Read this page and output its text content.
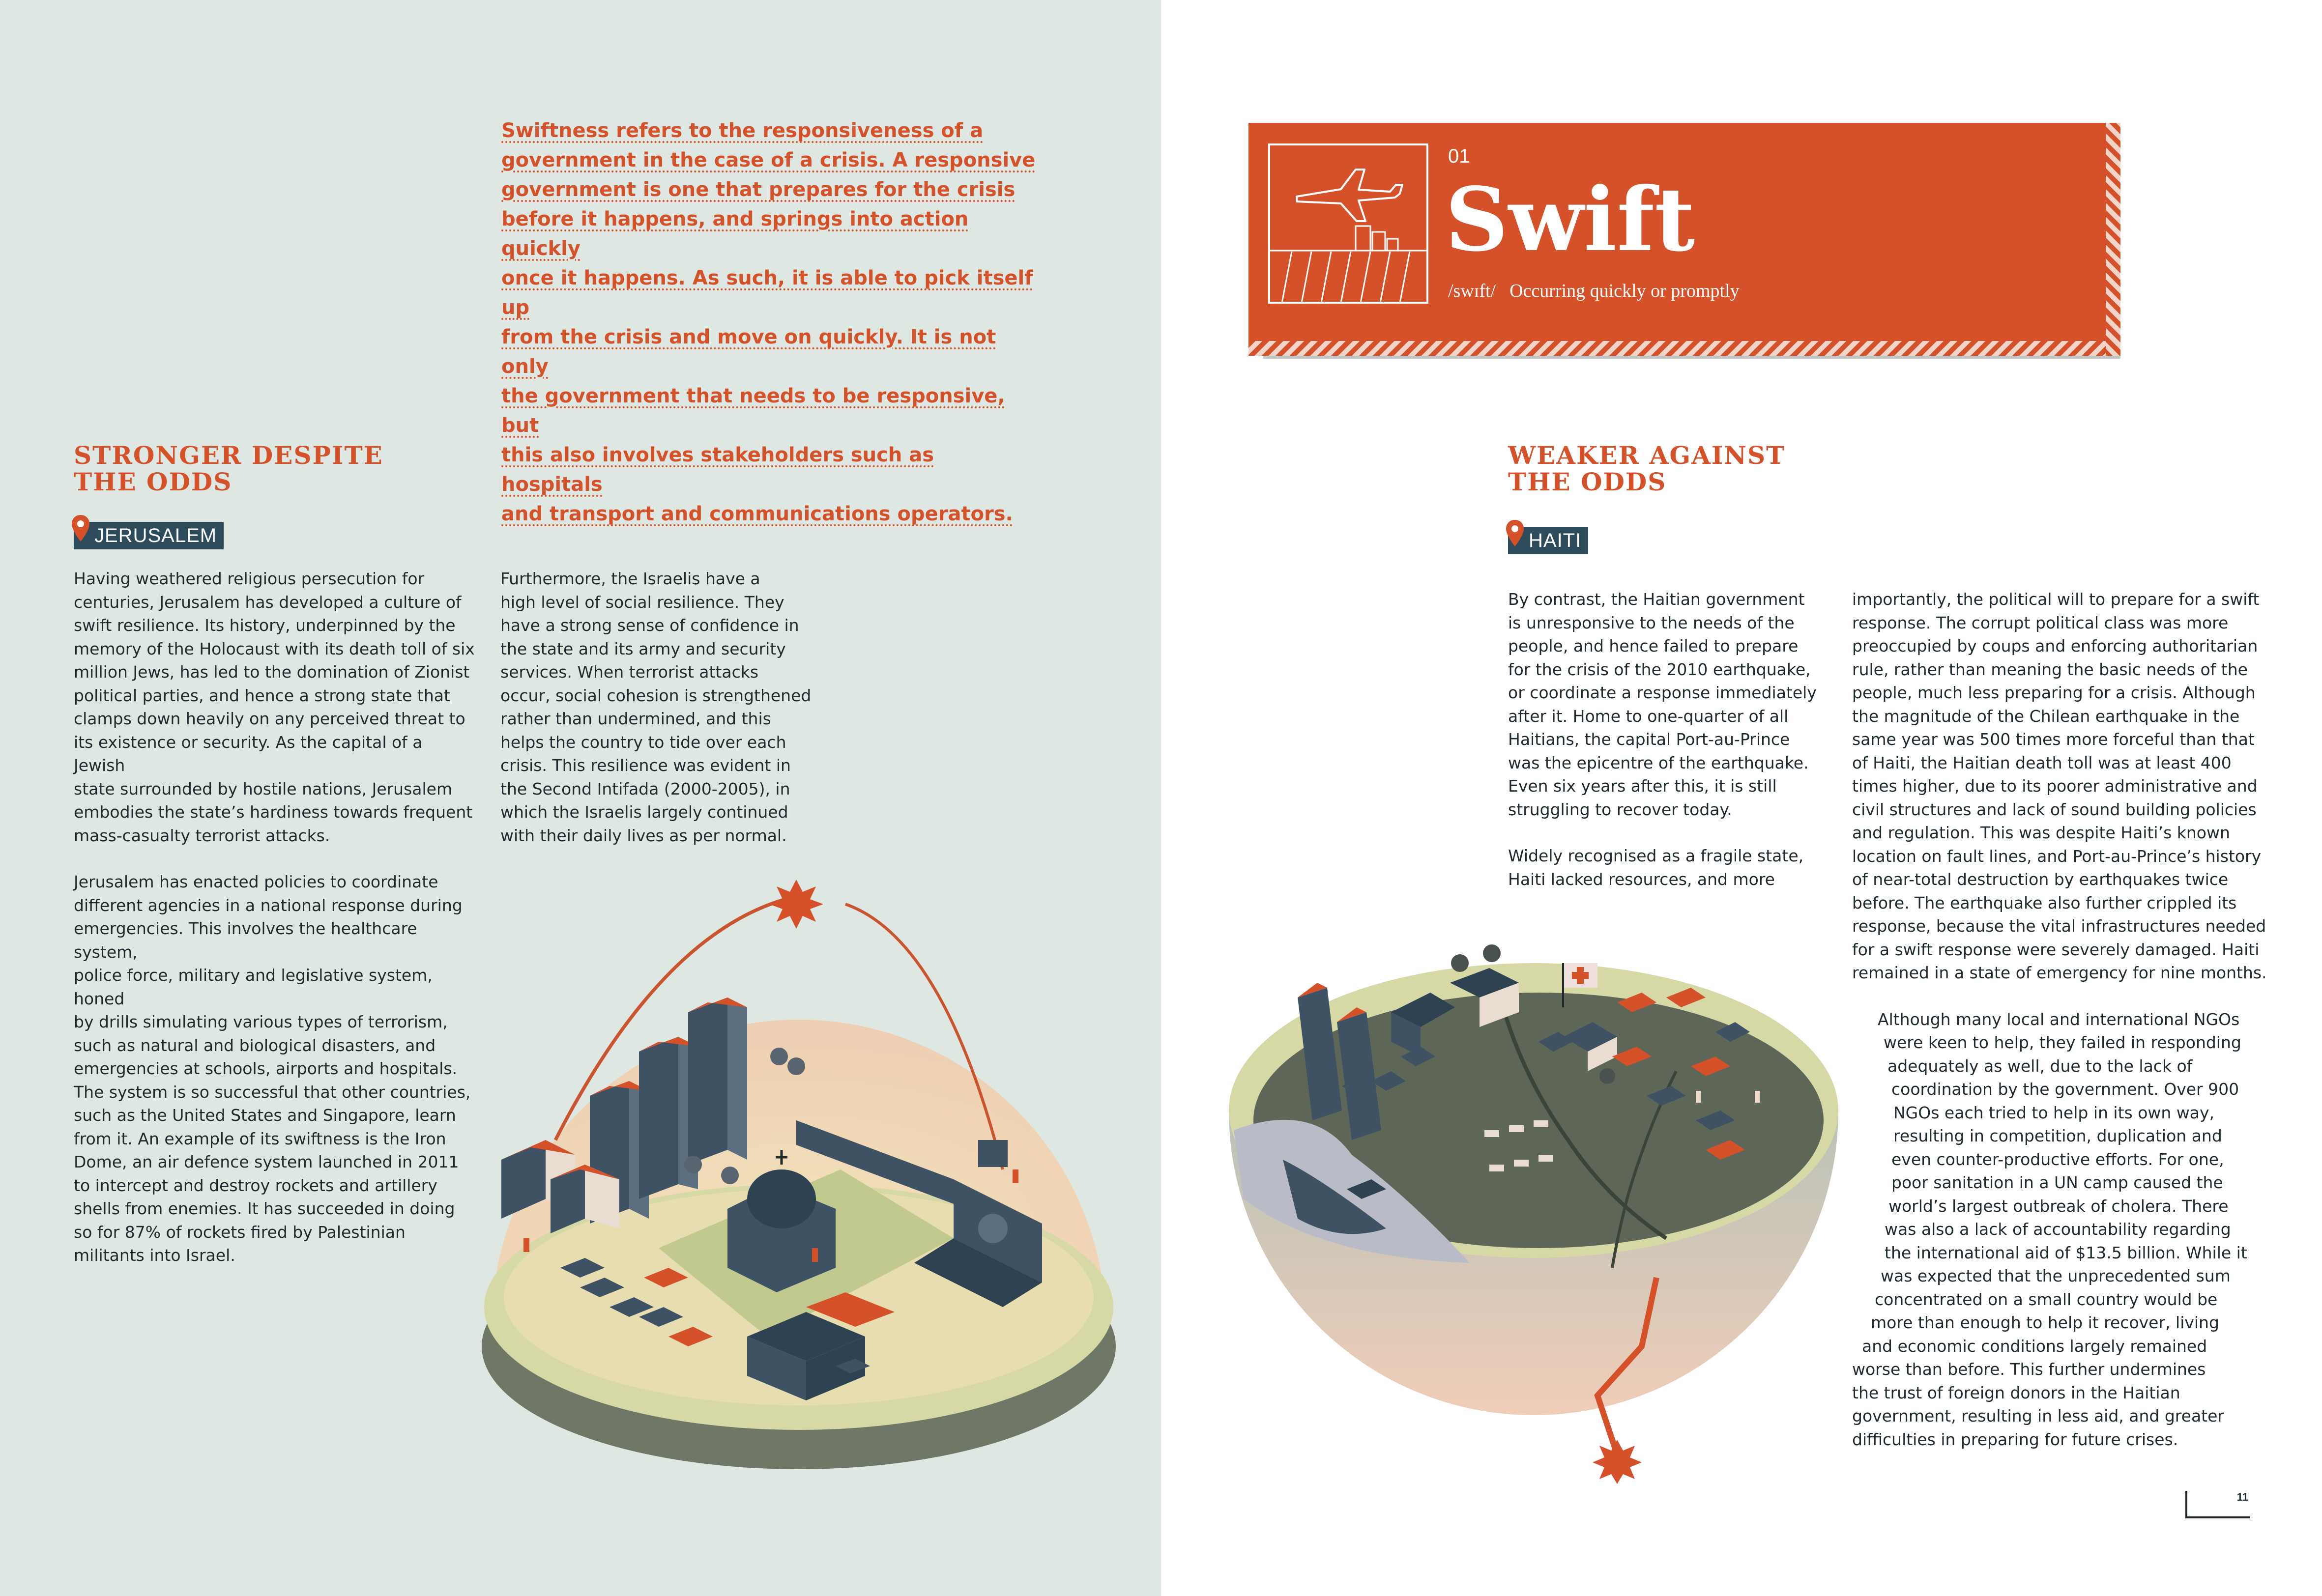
Swiftness refers to the responsiveness of a
government in the case of a crisis. A responsive
government is one that prepares for the crisis
before it happens, and springs into action quickly
once it happens. As such, it is able to pick itself up
from the crisis and move on quickly. It is not only
the government that needs to be responsive, but
this also involves stakeholders such as hospitals
and transport and communications operators.
01
Swift
/swɪft/ Occurring quickly or promptly
STRONGER DESPITE
THE ODDS
JERUSALEM

Having weathered religious persecution for
centuries, Jerusalem has developed a culture of
swift resilience. Its history, underpinned by the
memory of the Holocaust with its death toll of six
million Jews, has led to the domination of Zionist
political parties, and hence a strong state that
clamps down heavily on any perceived threat to
its existence or security. As the capital of a Jewish
state surrounded by hostile nations, Jerusalem
embodies the state’s hardiness towards frequent
mass-casualty terrorist attacks.

Jerusalem has enacted policies to coordinate
different agencies in a national response during
emergencies. This involves the healthcare system,
police force, military and legislative system, honed
by drills simulating various types of terrorism,
such as natural and biological disasters, and
emergencies at schools, airports and hospitals.
The system is so successful that other countries,
such as the United States and Singapore, learn
from it. An example of its swiftness is the Iron
Dome, an air defence system launched in 2011
to intercept and destroy rockets and artillery
shells from enemies. It has succeeded in doing
so for 87% of rockets fired by Palestinian
militants into Israel.

Furthermore, the Israelis have a
high level of social resilience. They
have a strong sense of confidence in
the state and its army and security
services. When terrorist attacks
occur, social cohesion is strengthened
rather than undermined, and this
helps the country to tide over each
crisis. This resilience was evident in
the Second Intifada (2000-2005), in
which the Israelis largely continued
with their daily lives as per normal.

WEAKER AGAINST
THE ODDS
HAITI

By contrast, the Haitian government
is unresponsive to the needs of the
people, and hence failed to prepare
for the crisis of the 2010 earthquake,
or coordinate a response immediately
after it. Home to one-quarter of all
Haitians, the capital Port-au-Prince
was the epicentre of the earthquake.
Even six years after this, it is still
struggling to recover today.

Widely recognised as a fragile state,
Haiti lacked resources, and more

importantly, the political will to prepare for a swift
response. The corrupt political class was more
preoccupied by coups and enforcing authoritarian
rule, rather than meaning the basic needs of the
people, much less preparing for a crisis. Although
the magnitude of the Chilean earthquake in the
same year was 500 times more forceful than that
of Haiti, the Haitian death toll was at least 400
times higher, due to its poorer administrative and
civil structures and lack of sound building policies
and regulation. This was despite Haiti’s known
location on fault lines, and Port-au-Prince’s history
of near-total destruction by earthquakes twice
before. The earthquake also further crippled its
response, because the vital infrastructures needed
for a swift response were severely damaged. Haiti
remained in a state of emergency for nine months.

Although many local and international NGOs
were keen to help, they failed in responding
adequately as well, due to the lack of
coordination by the government. Over 900
NGOs each tried to help in its own way,
resulting in competition, duplication and
even counter-productive efforts. For one,
poor sanitation in a UN camp caused the
world’s largest outbreak of cholera. There
was also a lack of accountability regarding
the international aid of $13.5 billion. While it
was expected that the unprecedented sum
concentrated on a small country would be
more than enough to help it recover, living
and economic conditions largely remained
worse than before. This further undermines
the trust of foreign donors in the Haitian
government, resulting in less aid, and greater
difficulties in preparing for future crises.

11
